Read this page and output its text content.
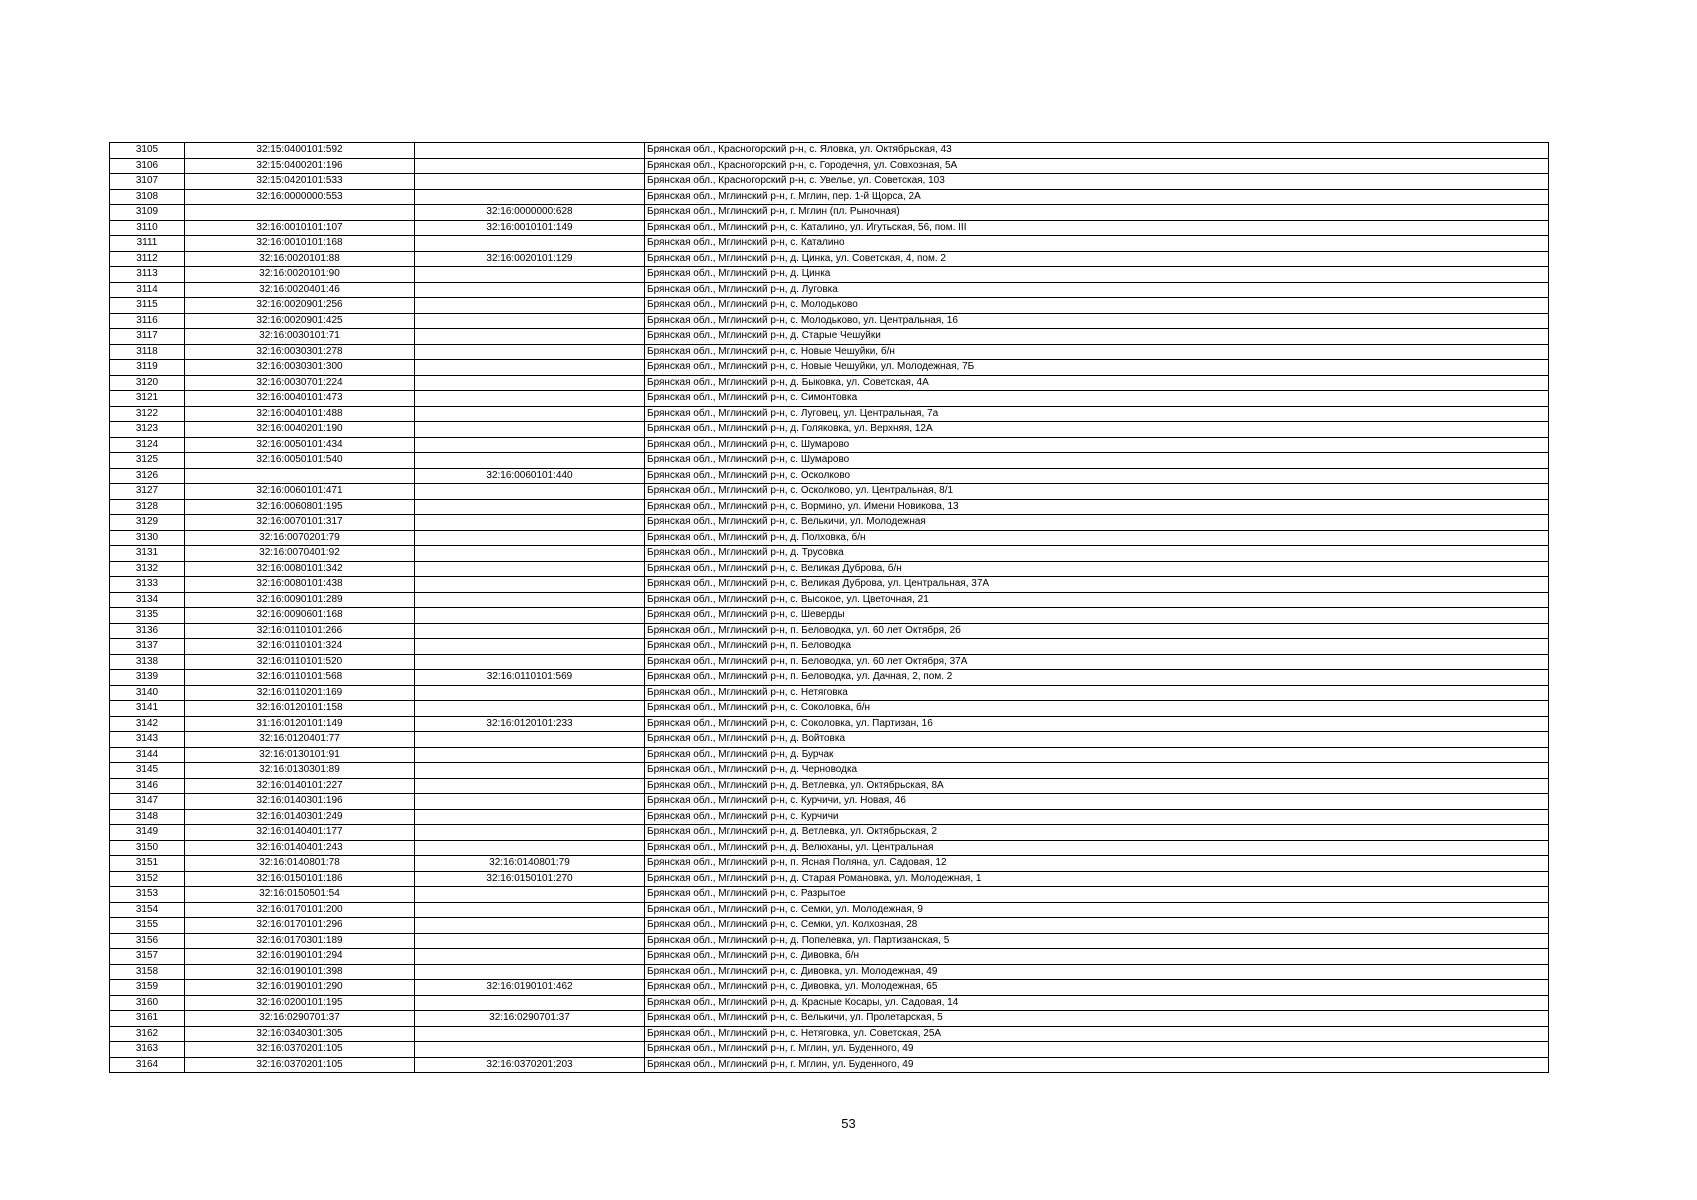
3105	32:15:0400101:592		Брянская обл., Красногорский р-н, с. Яловка, ул. Октябрьская, 43
3106	32:15:0400201:196		Брянская обл., Красногорский р-н, с. Городечня, ул. Совхозная, 5А
3107	32:15:0420101:533		Брянская обл., Красногорский р-н, с. Увелье, ул. Советская, 103
3108	32:16:0000000:553		Брянская обл., Мглинский р-н, г. Мглин, пер. 1-й Щорса, 2А
3109		32:16:0000000:628	Брянская обл., Мглинский р-н, г. Мглин (пл. Рыночная)
3110	32:16:0010101:107	32:16:0010101:149	Брянская обл., Мглинский р-н, с. Каталино, ул. Игутьская, 56, пом. III
3111	32:16:0010101:168		Брянская обл., Мглинский р-н, с. Каталино
3112	32:16:0020101:88	32:16:0020101:129	Брянская обл., Мглинский р-н, д. Цинка, ул. Советская, 4, пом. 2
3113	32:16:0020101:90		Брянская обл., Мглинский р-н, д. Цинка
3114	32:16:0020401:46		Брянская обл., Мглинский р-н, д. Луговка
3115	32:16:0020901:256		Брянская обл., Мглинский р-н, с. Молодьково
3116	32:16:0020901:425		Брянская обл., Мглинский р-н, с. Молодьково, ул. Центральная, 16
3117	32:16:0030101:71		Брянская обл., Мглинский р-н, д. Старые Чешуйки
3118	32:16:0030301:278		Брянская обл., Мглинский р-н, с. Новые Чешуйки, б/н
3119	32:16:0030301:300		Брянская обл., Мглинский р-н, с. Новые Чешуйки, ул. Молодежная, 7Б
3120	32:16:0030701:224		Брянская обл., Мглинский р-н, д. Быковка, ул. Советская, 4А
3121	32:16:0040101:473		Брянская обл., Мглинский р-н, с. Симонтовка
3122	32:16:0040101:488		Брянская обл., Мглинский р-н, с. Луговец, ул. Центральная, 7а
3123	32:16:0040201:190		Брянская обл., Мглинский р-н, д. Голяковка, ул. Верхняя, 12А
3124	32:16:0050101:434		Брянская обл., Мглинский р-н, с. Шумарово
3125	32:16:0050101:540		Брянская обл., Мглинский р-н, с. Шумарово
3126		32:16:0060101:440	Брянская обл., Мглинский р-н, с. Осколково
3127	32:16:0060101:471		Брянская обл., Мглинский р-н, с. Осколково, ул. Центральная, 8/1
3128	32:16:0060801:195		Брянская обл., Мглинский р-н, с. Вормино, ул. Имени Новикова, 13
3129	32:16:0070101:317		Брянская обл., Мглинский р-н, с. Велькичи, ул. Молодежная
3130	32:16:0070201:79		Брянская обл., Мглинский р-н, д. Полховка, б/н
3131	32:16:0070401:92		Брянская обл., Мглинский р-н, д. Трусовка
3132	32:16:0080101:342		Брянская обл., Мглинский р-н, с. Великая Дуброва, б/н
3133	32:16:0080101:438		Брянская обл., Мглинский р-н, с. Великая Дуброва, ул. Центральная, 37А
3134	32:16:0090101:289		Брянская обл., Мглинский р-н, с. Высокое, ул. Цветочная, 21
3135	32:16:0090601:168		Брянская обл., Мглинский р-н, с. Шеверды
3136	32:16:0110101:266		Брянская обл., Мглинский р-н, п. Беловодка, ул. 60 лет Октября, 2б
3137	32:16:0110101:324		Брянская обл., Мглинский р-н, п. Беловодка
3138	32:16:0110101:520		Брянская обл., Мглинский р-н, п. Беловодка, ул. 60 лет Октября, 37А
3139	32:16:0110101:568	32:16:0110101:569	Брянская обл., Мглинский р-н, п. Беловодка, ул. Дачная, 2, пом. 2
3140	32:16:0110201:169		Брянская обл., Мглинский р-н, с. Нетяговка
3141	32:16:0120101:158		Брянская обл., Мглинский р-н, с. Соколовка, б/н
3142	31:16:0120101:149	32:16:0120101:233	Брянская обл., Мглинский р-н, с. Соколовка, ул. Партизан, 16
3143	32:16:0120401:77		Брянская обл., Мглинский р-н, д. Войтовка
3144	32:16:0130101:91		Брянская обл., Мглинский р-н, д. Бурчак
3145	32:16:0130301:89		Брянская обл., Мглинский р-н, д. Черноводка
3146	32:16:0140101:227		Брянская обл., Мглинский р-н, д. Ветлевка, ул. Октябрьская, 8А
3147	32:16:0140301:196		Брянская обл., Мглинский р-н, с. Курчичи, ул. Новая, 46
3148	32:16:0140301:249		Брянская обл., Мглинский р-н, с. Курчичи
3149	32:16:0140401:177		Брянская обл., Мглинский р-н, д. Ветлевка, ул. Октябрьская, 2
3150	32:16:0140401:243		Брянская обл., Мглинский р-н, д. Велюханы, ул. Центральная
3151	32:16:0140801:78	32:16:0140801:79	Брянская обл., Мглинский р-н, п. Ясная Поляна, ул. Садовая, 12
3152	32:16:0150101:186	32:16:0150101:270	Брянская обл., Мглинский р-н, д. Старая Романовка, ул. Молодежная, 1
3153	32:16:0150501:54		Брянская обл., Мглинский р-н, с. Разрытое
3154	32:16:0170101:200		Брянская обл., Мглинский р-н, с. Семки, ул. Молодежная, 9
3155	32:16:0170101:296		Брянская обл., Мглинский р-н, с. Семки, ул. Колхозная, 28
3156	32:16:0170301:189		Брянская обл., Мглинский р-н, д. Попелевка, ул. Партизанская, 5
3157	32:16:0190101:294		Брянская обл., Мглинский р-н, с. Дивовка, б/н
3158	32:16:0190101:398		Брянская обл., Мглинский р-н, с. Дивовка, ул. Молодежная, 49
3159	32:16:0190101:290	32:16:0190101:462	Брянская обл., Мглинский р-н, с. Дивовка, ул. Молодежная, 65
3160	32:16:0200101:195		Брянская обл., Мглинский р-н, д. Красные Косары, ул. Садовая, 14
3161	32:16:0290701:37	32:16:0290701:37	Брянская обл., Мглинский р-н, с. Велькичи, ул. Пролетарская, 5
3162	32:16:0340301:305		Брянская обл., Мглинский р-н, с. Нетяговка, ул. Советская, 25А
3163	32:16:0370201:105		Брянская обл., Мглинский р-н, г. Мглин, ул. Буденного, 49
3164	32:16:0370201:105	32:16:0370201:203	Брянская обл., Мглинский р-н, г. Мглин, ул. Буденного, 49
53
